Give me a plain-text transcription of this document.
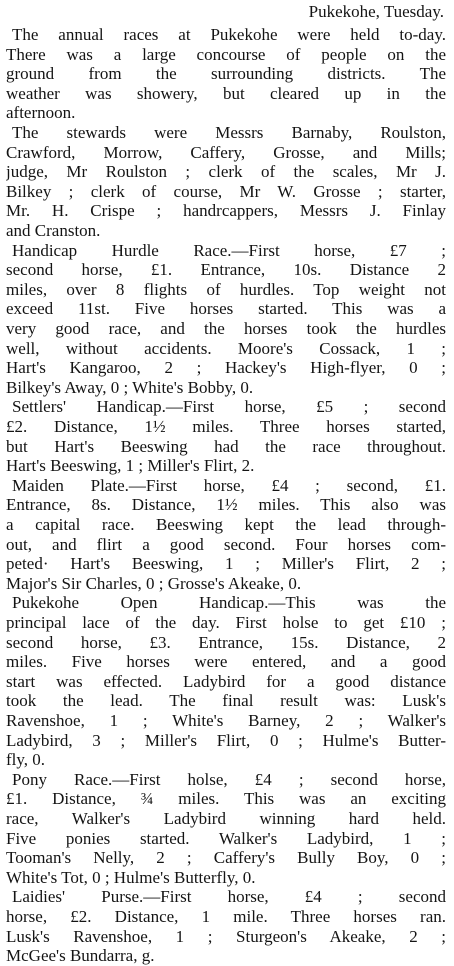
Pukekohe, Tuesday.
The annual races at Pukekohe were held to-day.
There was a large concourse of people on the
ground from the surrounding districts. The
weather was showery, but cleared up in the
afternoon.
The stewards were Messrs Barnaby, Roulston,
Crawford, Morrow, Caffery, Grosse, and Mills;
judge, Mr Roulston ; clerk of the scales, Mr J.
Bilkey ; clerk of course, Mr W. Grosse ; starter,
Mr. H. Crispe ; handrcappers, Messrs J. Finlay
and Cranston.
Handicap Hurdle Race.—First horse, £7 ;
second horse, £1. Entrance, 10s. Distance 2
miles, over 8 flights of hurdles. Top weight not
exceed 11st. Five horses started. This was a
very good race, and the horses took the hurdles
well, without accidents. Moore's Cossack, 1 ;
Hart's Kangaroo, 2 ; Hackey's High-flyer, 0 ;
Bilkey's Away, 0 ; White's Bobby, 0.
Settlers' Handicap.—First horse, £5 ; second
£2. Distance, 1½ miles. Three horses started,
but Hart's Beeswing had the race throughout.
Hart's Beeswing, 1 ; Miller's Flirt, 2.
Maiden Plate.—First horse, £4 ; second, £1.
Entrance, 8s. Distance, 1½ miles. This also was
a capital race. Beeswing kept the lead through-
out, and flirt a good second. Four horses com-
peted· Hart's Beeswing, 1 ; Miller's Flirt, 2 ;
Major's Sir Charles, 0 ; Grosse's Akeake, 0.
Pukekohe Open Handicap.—This was the
principal lace of the day. First holse to get £10 ;
second horse, £3. Entrance, 15s. Distance, 2
miles. Five horses were entered, and a good
start was effected. Ladybird for a good distance
took the lead. The final result was: Lusk's
Ravenshoe, 1 ; White's Barney, 2 ; Walker's
Ladybird, 3 ; Miller's Flirt, 0 ; Hulme's Butter-
fly, 0.
Pony Race.—First holse, £4 ; second horse,
£1. Distance, ¾ miles. This was an exciting
race, Walker's Ladybird winning hard held.
Five ponies started. Walker's Ladybird, 1 ;
Tooman's Nelly, 2 ; Caffery's Bully Boy, 0 ;
White's Tot, 0 ; Hulme's Butterfly, 0.
Laidies' Purse.—First horse, £4 ; second
horse, £2. Distance, 1 mile. Three horses ran.
Lusk's Ravenshoe, 1 ; Sturgeon's Akeake, 2 ;
McGee's Bundarra, g.
